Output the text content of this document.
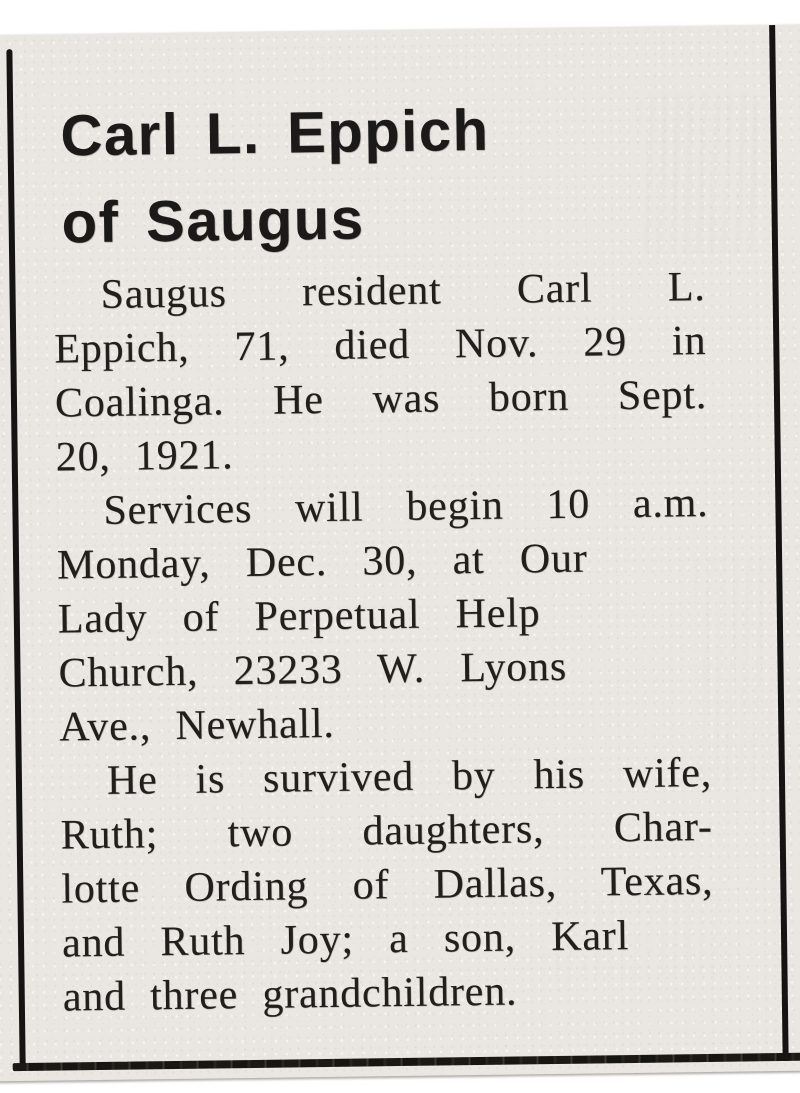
Carl L. Eppich
of Saugus

Saugus resident Carl L.
Eppich, 71, died Nov. 29 in
Coalinga. He was born Sept.
20, 1921.

Services will begin 10 a.m.
Monday, Dec. 30, at Our
Lady of Perpetual Help
Church, 23233 W. Lyons
Ave., Newhall.

He is survived by his wife,
Ruth; two daughters, Char-
lotte Ording of Dallas, Texas,
and Ruth Joy; a son, Karl
and three grandchildren.
